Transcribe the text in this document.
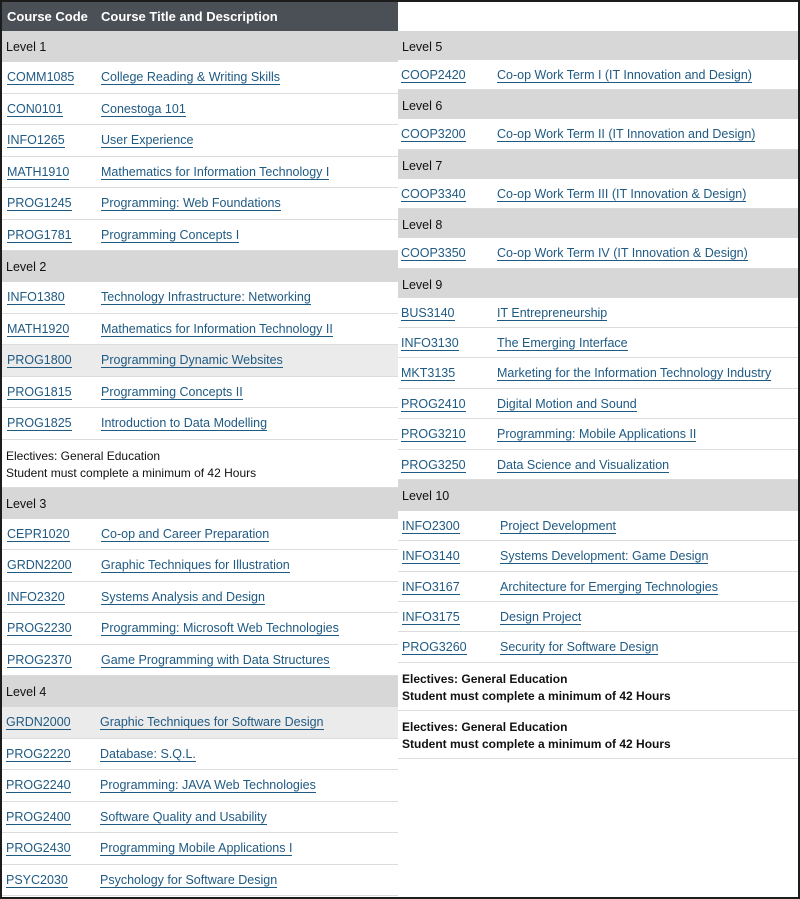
Course Code Course Title and Description
Level 1
COMM1085 College Reading & Writing Skills
CON0101	Conestoga 101
INFO1265	User Experience
MATH1910	Mathematics for Information Technology I
PROG1245 Programming: Web Foundations
PROG1781 Programming Concepts I
Level 2
INFO1380	Technology Infrastructure: Networking
MATH1920	Mathematics for Information Technology II
PROG1800 Programming Dynamic Websites
PROG1815 Programming Concepts II
PROG1825 Introduction to Data Modelling
Electives: General Education
Student must complete a minimum of 42 Hours
Level 3
CEPR1020	Co-op and Career Preparation
GRDN2200 Graphic Techniques for Illustration
INFO2320	Systems Analysis and Design
PROG2230 Programming: Microsoft Web Technologies
PROG2370 Game Programming with Data Structures
Level 4
GRDN2000 Graphic Techniques for Software Design
PROG2220 Database: S.Q.L.
PROG2240 Programming: JAVA Web Technologies
PROG2400 Software Quality and Usability
PROG2430 Programming Mobile Applications I
PSYC2030	Psychology for Software Design
Level 5
COOP2420	Co-op Work Term I (IT Innovation and Design)
Level 6
COOP3200	Co-op Work Term II (IT Innovation and Design)
Level 7
COOP3340	Co-op Work Term III (IT Innovation & Design)
Level 8
COOP3350	Co-op Work Term IV (IT Innovation & Design)
Level 9
BUS3140	IT Entrepreneurship
INFO3130	The Emerging Interface
MKT3135	Marketing for the Information Technology Industry
PROG2410	Digital Motion and Sound
PROG3210	Programming: Mobile Applications II
PROG3250	Data Science and Visualization
Level 10
INFO2300	Project Development
INFO3140	Systems Development: Game Design
INFO3167	Architecture for Emerging Technologies
INFO3175	Design Project
PROG3260	Security for Software Design
Electives: General Education
Student must complete a minimum of 42 Hours
Electives: General Education
Student must complete a minimum of 42 Hours
